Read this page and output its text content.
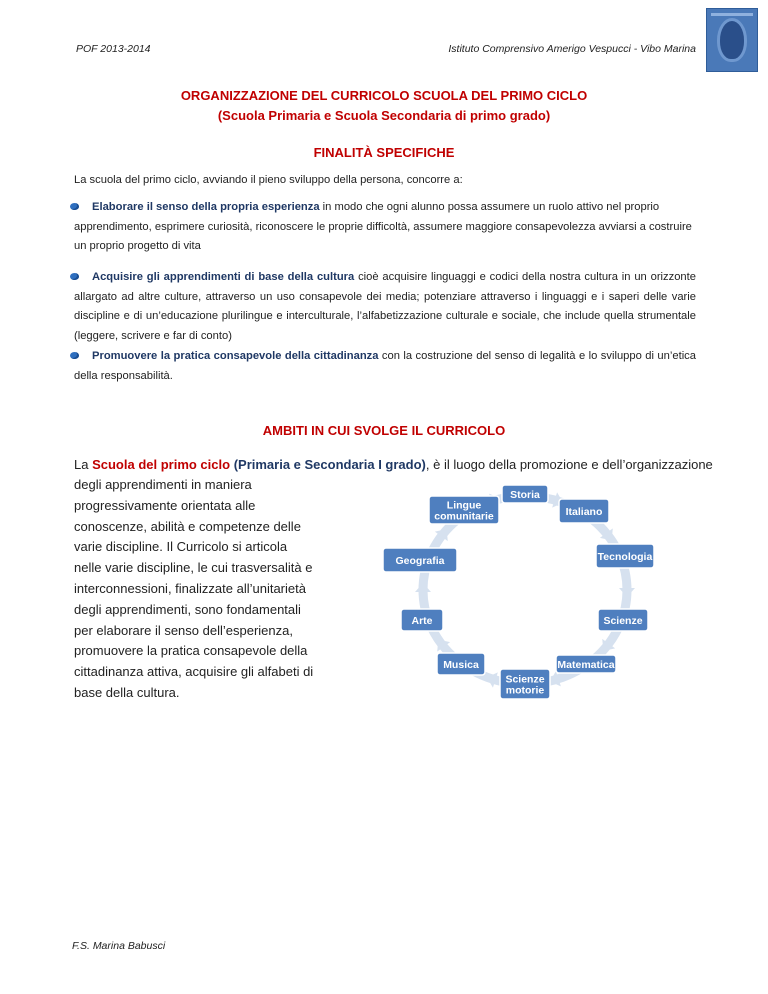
POF 2013-2014	Istituto Comprensivo Amerigo Vespucci - Vibo Marina
ORGANIZZAZIONE DEL CURRICOLO SCUOLA DEL PRIMO CICLO
(Scuola Primaria e Scuola Secondaria di primo grado)
FINALITÀ SPECIFICHE
La scuola del primo ciclo, avviando il pieno sviluppo della persona, concorre a:
Elaborare il senso della propria esperienza in modo che ogni alunno possa assumere un ruolo attivo nel proprio apprendimento, esprimere curiosità, riconoscere le proprie difficoltà, assumere maggiore consapevolezza avviarsi a costruire un proprio progetto di vita
Acquisire gli apprendimenti di base della cultura cioè acquisire linguaggi e codici della nostra cultura in un orizzonte allargato ad altre culture, attraverso un uso consapevole dei media; potenziare attraverso i linguaggi e i saperi delle varie discipline e di un’educazione plurilingue e interculturale, l’alfabetizzazione culturale e sociale, che include quella strumentale (leggere, scrivere e far di conto)
Promuovere la pratica consapevole della cittadinanza con la costruzione del senso di legalità e lo sviluppo di un’etica della responsabilità.
AMBITI IN CUI SVOLGE IL CURRICOLO
La Scuola del primo ciclo (Primaria e Secondaria I grado), è il luogo della promozione e dell’organizzazione
degli apprendimenti in maniera progressivamente orientata alle conoscenze, abilità e competenze delle varie discipline. Il Curricolo si articola nelle varie discipline, le cui trasversalità e interconnessioni, finalizzate all’unitarietà degli apprendimenti, sono fondamentali per elaborare il senso dell’esperienza, promuovere la pratica consapevole della cittadinanza attiva, acquisire gli alfabeti di base della cultura.
Storia
Italiano
Tecnologia
Scienze
Matematica
Scienze
motorie
Musica
Arte
Geografia
Lingue
comunitarie
F.S. Marina Babusci
